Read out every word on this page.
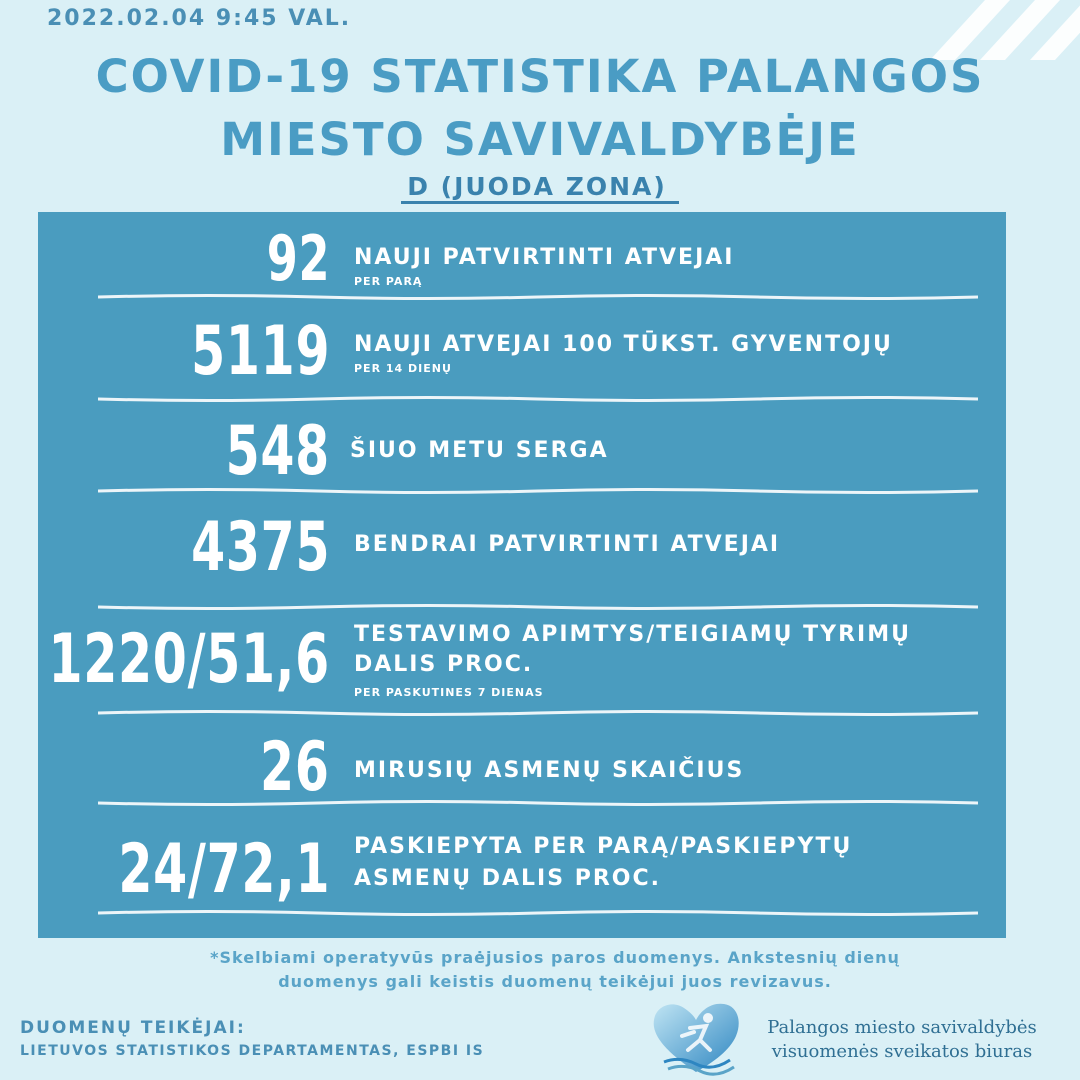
2022.02.04 9:45 VAL.
COVID-19 STATISTIKA PALANGOS
MIESTO SAVIVALDYBĖJE
D (JUODA ZONA)
92 NAUJI PATVIRTINTI ATVEJAI
PER PARĄ
5119 NAUJI ATVEJAI 100 TŪKST. GYVENTOJŲ
PER 14 DIENŲ
548 ŠIUO METU SERGA
4375 BENDRAI PATVIRTINTI ATVEJAI
1220/51,6 TESTAVIMO APIMTYS/TEIGIAMŲ TYRIMŲ
DALIS PROC.
PER PASKUTINES 7 DIENAS
26 MIRUSIŲ ASMENŲ SKAIČIUS
24/72,1 PASKIEPYTA PER PARĄ/PASKIEPYTŲ
ASMENŲ DALIS PROC.
*Skelbiami operatyvūs praėjusios paros duomenys. Ankstesnių dienų
duomenys gali keistis duomenų teikėjui juos revizavus.
DUOMENŲ TEIKĖJAI:
LIETUVOS STATISTIKOS DEPARTAMENTAS, ESPBI IS
Palangos miesto savivaldybės
visuomenės sveikatos biuras
